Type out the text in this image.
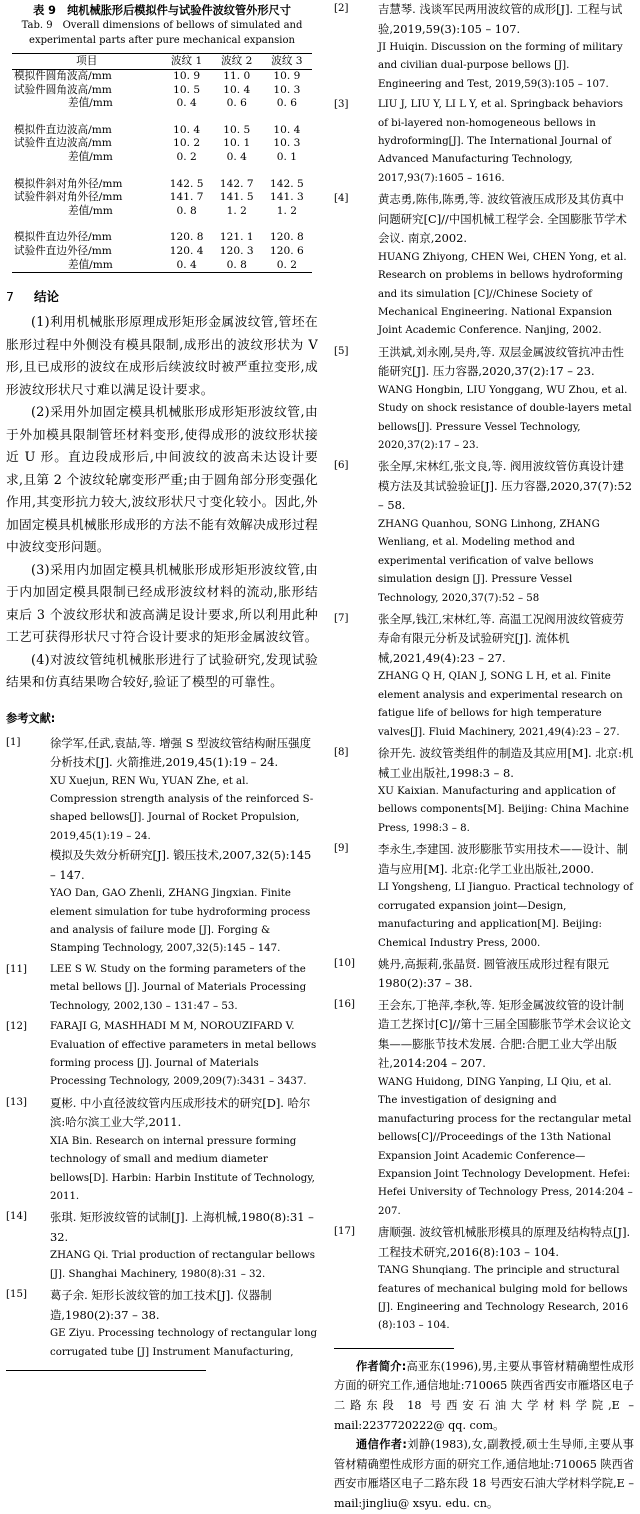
表 9　纯机械胀形后模拟件与试验件波纹管外形尺寸
Tab. 9　Overall dimensions of bellows of simulated and experimental parts after pure mechanical expansion
项目	波纹 1	波纹 2	波纹 3
模拟件圆角波高/mm	10. 9	11. 0	10. 9
试验件圆角波高/mm	10. 5	10. 4	10. 3
差值/mm	0. 4	0. 6	0. 6
模拟件直边波高/mm	10. 4	10. 5	10. 4
试验件直边波高/mm	10. 2	10. 1	10. 3
差值/mm	0. 2	0. 4	0. 1
模拟件斜对角外径/mm	142. 5	142. 7	142. 5
试验件斜对角外径/mm	141. 7	141. 5	141. 3
差值/mm	0. 8	1. 2	1. 2
模拟件直边外径/mm	120. 8	121. 1	120. 8
试验件直边外径/mm	120. 4	120. 3	120. 6
差值/mm	0. 4	0. 8	0. 2
7 结论

(1)利用机械胀形原理成形矩形金属波纹管,管坯在胀形过程中外侧没有模具限制,成形出的波纹形状为 V 形,且已成形的波纹在成形后续波纹时被严重拉变形,成形波纹形状尺寸难以满足设计要求。

(2)采用外加固定模具机械胀形成形矩形波纹管,由于外加模具限制管坯材料变形,使得成形的波纹形状接近 U 形。直边段成形后,中间波纹的波高未达设计要求,且第 2 个波纹轮廓变形严重;由于圆角部分形变强化作用,其变形抗力较大,波纹形状尺寸变化较小。因此,外加固定模具机械胀形成形的方法不能有效解决成形过程中波纹变形问题。

(3)采用内加固定模具机械胀形成形矩形波纹管,由于内加固定模具限制已经成形波纹材料的流动,胀形结束后 3 个波纹形状和波高满足设计要求,所以利用此种工艺可获得形状尺寸符合设计要求的矩形金属波纹管。

(4)对波纹管纯机械胀形进行了试验研究,发现试验结果和仿真结果吻合较好,验证了模型的可靠性。

参考文献:
[1]	徐学军,任武,袁喆,等. 增强 S 型波纹管结构耐压强度分析技术[J]. 火箭推进,2019,45(1):19 – 24.

XU Xuejun, REN Wu, YUAN Zhe, et al. Compression strength analysis of the reinforced S-shaped bellows[J]. Journal of Rocket Propulsion, 2019,45(1):19 – 24.

模拟及失效分析研究[J]. 锻压技术,2007,32(5):145 – 147.

YAO Dan, GAO Zhenli, ZHANG Jingxian. Finite element simulation for tube hydroforming process and analysis of failure mode [J]. Forging & Stamping Technology, 2007,32(5):145 – 147.

[11] LEE S W. Study on the forming parameters of the metal bellows [J]. Journal of Materials Processing Technology, 2002,130 – 131:47 – 53.

[12] FARAJI G, MASHHADI M M, NOROUZIFARD V. Evaluation of effective parameters in metal bellows forming process [J]. Journal of Materials Processing Technology, 2009,209(7):3431 – 3437.

[13] 夏彬. 中小直径波纹管内压成形技术的研究[D]. 哈尔滨:哈尔滨工业大学,2011.

XIA Bin. Research on internal pressure forming technology of small and medium diameter bellows[D]. Harbin: Harbin Institute of Technology, 2011.

[14] 张琪. 矩形波纹管的试制[J]. 上海机械,1980(8):31 – 32.

ZHANG Qi. Trial production of rectangular bellows [J]. Shanghai Machinery, 1980(8):31 – 32.

[15] 葛子余. 矩形长波纹管的加工技术[J]. 仪器制造,1980(2):37 – 38.

GE Ziyu. Processing technology of rectangular long corrugated tube [J] Instrument Manufacturing,

[2]	吉慧琴. 浅谈军民两用波纹管的成形[J]. 工程与试验,2019,59(3):105 – 107.

JI Huiqin. Discussion on the forming of military and civilian dual-purpose bellows [J]. Engineering and Test, 2019,59(3):105 – 107.

[3]	LIU J, LIU Y, LI L Y, et al. Springback behaviors of bi-layered non-homogeneous bellows in hydroforming[J]. The International Journal of Advanced Manufacturing Technology, 2017,93(7):1605 – 1616.

[4]	黄志勇,陈伟,陈勇,等. 波纹管液压成形及其仿真中问题研究[C]//中国机械工程学会. 全国膨胀节学术会议. 南京,2002.

HUANG Zhiyong, CHEN Wei, CHEN Yong, et al. Research on problems in bellows hydroforming and its simulation [C]//Chinese Society of Mechanical Engineering. National Expansion Joint Academic Conference. Nanjing, 2002.

[5]	王洪斌,刘永刚,吴舟,等. 双层金属波纹管抗冲击性能研究[J]. 压力容器,2020,37(2):17 – 23.

WANG Hongbin, LIU Yonggang, WU Zhou, et al. Study on shock resistance of double-layers metal bellows[J]. Pressure Vessel Technology, 2020,37(2):17 – 23.

[6]	张全厚,宋林红,张文良,等. 阀用波纹管仿真设计建模方法及其试验验证[J]. 压力容器,2020,37(7):52 – 58.

ZHANG Quanhou, SONG Linhong, ZHANG Wenliang, et al. Modeling method and experimental verification of valve bellows simulation design [J]. Pressure Vessel Technology, 2020,37(7):52 – 58

[7]	张全厚,钱江,宋林红,等. 高温工况阀用波纹管疲劳寿命有限元分析及试验研究[J]. 流体机械,2021,49(4):23 – 27.

ZHANG Q H, QIAN J, SONG L H, et al. Finite element analysis and experimental research on fatigue life of bellows for high temperature valves[J]. Fluid Machinery, 2021,49(4):23 – 27.

[8]	徐开先. 波纹管类组件的制造及其应用[M]. 北京:机械工业出版社,1998:3 – 8.

XU Kaixian. Manufacturing and application of bellows components[M]. Beijing: China Machine Press, 1998:3 – 8.

[9]	李永生,李建国. 波形膨胀节实用技术——设计、制造与应用[M]. 北京:化学工业出版社,2000.

LI Yongsheng, LI Jianguo. Practical technology of corrugated expansion joint—Design, manufacturing and application[M]. Beijing: Chemical Industry Press, 2000.

[10] 姚丹,高振莉,张晶贤. 圆管液压成形过程有限元

1980(2):37 – 38.

[16] 王会东,丁艳萍,李秋,等. 矩形金属波纹管的设计制造工艺探讨[C]//第十三届全国膨胀节学术会议论文集——膨胀节技术发展. 合肥:合肥工业大学出版社,2014:204 – 207.

WANG Huidong, DING Yanping, LI Qiu, et al. The investigation of designing and manufacturing process for the rectangular metal bellows[C]//Proceedings of the 13th National Expansion Joint Academic Conference—Expansion Joint Technology Development. Hefei: Hefei University of Technology Press, 2014:204 – 207.

[17] 唐顺强. 波纹管机械胀形模具的原理及结构特点[J]. 工程技术研究,2016(8):103 – 104.

TANG Shunqiang. The principle and structural features of mechanical bulging mold for bellows [J]. Engineering and Technology Research, 2016 (8):103 – 104.

作者简介:高亚东(1996),男,主要从事管材精确塑性成形方面的研究工作,通信地址:710065 陕西省西安市雁塔区电子二路东段 18 号西安石油大学材料学院,E – mail:2237720222@ qq. com。

通信作者:刘静(1983),女,副教授,硕士生导师,主要从事管材精确塑性成形方面的研究工作,通信地址:710065 陕西省西安市雁塔区电子二路东段 18 号西安石油大学材料学院,E – mail:jingliu@ xsyu. edu. cn。
